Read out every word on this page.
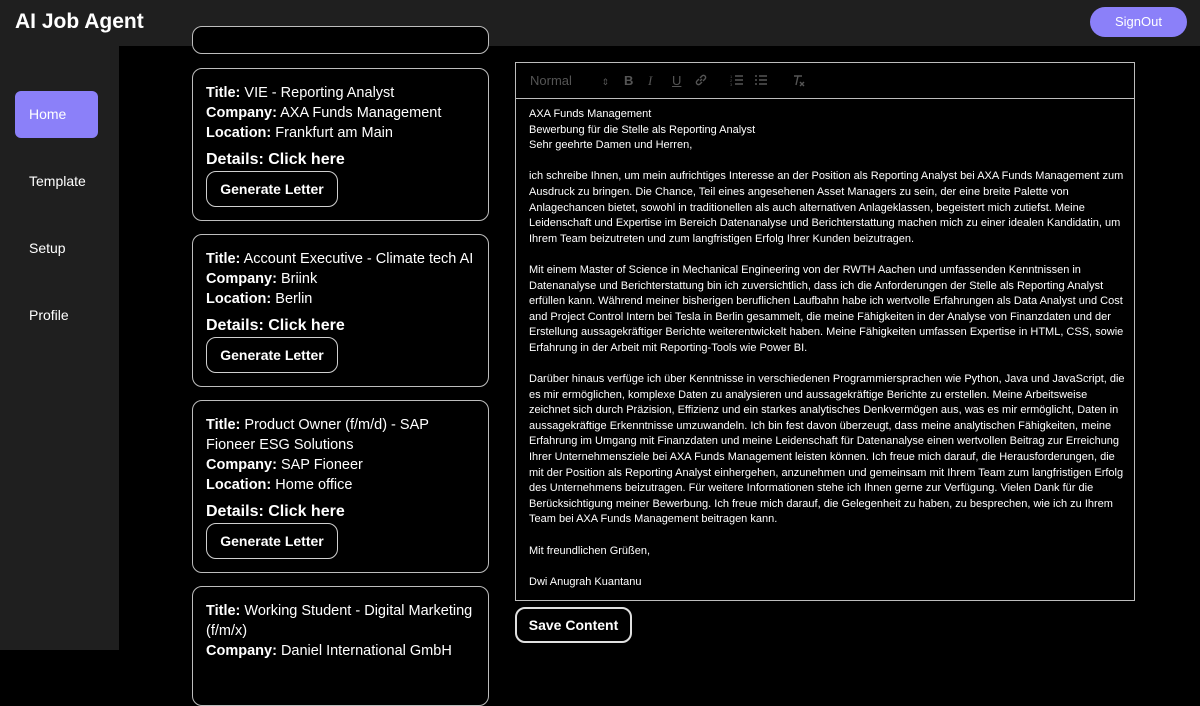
AI Job Agent	SignOut
Home
Template
Setup
Profile
Title: VIE - Reporting Analyst
Company: AXA Funds Management
Location: Frankfurt am Main
Details: Click here
Generate Letter
Title: Account Executive - Climate tech AI
Company: Briink
Location: Berlin
Details: Click here
Generate Letter
Title: Product Owner (f/m/d) - SAP Fioneer ESG Solutions
Company: SAP Fioneer
Location: Home office
Details: Click here
Generate Letter
Title: Working Student - Digital Marketing (f/m/x)
Company: Daniel International GmbH
Normal	⇕ B I U	1
2
3

AXA Funds Management

Bewerbung für die Stelle als Reporting Analyst

Sehr geehrte Damen und Herren,

ich schreibe Ihnen, um mein aufrichtiges Interesse an der Position als Reporting Analyst bei AXA Funds Management zum Ausdruck zu bringen. Die Chance, Teil eines angesehenen Asset Managers zu sein, der eine breite Palette von Anlagechancen bietet, sowohl in traditionellen als auch alternativen Anlageklassen, begeistert mich zutiefst. Meine Leidenschaft und Expertise im Bereich Datenanalyse und Berichterstattung machen mich zu einer idealen Kandidatin, um Ihrem Team beizutreten und zum langfristigen Erfolg Ihrer Kunden beizutragen.

Mit einem Master of Science in Mechanical Engineering von der RWTH Aachen und umfassenden Kenntnissen in Datenanalyse und Berichterstattung bin ich zuversichtlich, dass ich die Anforderungen der Stelle als Reporting Analyst erfüllen kann. Während meiner bisherigen beruflichen Laufbahn habe ich wertvolle Erfahrungen als Data Analyst und Cost and Project Control Intern bei Tesla in Berlin gesammelt, die meine Fähigkeiten in der Analyse von Finanzdaten und der Erstellung aussagekräftiger Berichte weiterentwickelt haben. Meine Fähigkeiten umfassen Expertise in HTML, CSS, sowie Erfahrung in der Arbeit mit Reporting-Tools wie Power BI.

Darüber hinaus verfüge ich über Kenntnisse in verschiedenen Programmiersprachen wie Python, Java und JavaScript, die es mir ermöglichen, komplexe Daten zu analysieren und aussagekräftige Berichte zu erstellen. Meine Arbeitsweise zeichnet sich durch Präzision, Effizienz und ein starkes analytisches Denkvermögen aus, was es mir ermöglicht, Daten in aussagekräftige Erkenntnisse umzuwandeln. Ich bin fest davon überzeugt, dass meine analytischen Fähigkeiten, meine Erfahrung im Umgang mit Finanzdaten und meine Leidenschaft für Datenanalyse einen wertvollen Beitrag zur Erreichung Ihrer Unternehmensziele bei AXA Funds Management leisten können. Ich freue mich darauf, die Herausforderungen, die mit der Position als Reporting Analyst einhergehen, anzunehmen und gemeinsam mit Ihrem Team zum langfristigen Erfolg des Unternehmens beizutragen. Für weitere Informationen stehe ich Ihnen gerne zur Verfügung. Vielen Dank für die Berücksichtigung meiner Bewerbung. Ich freue mich darauf, die Gelegenheit zu haben, zu besprechen, wie ich zu Ihrem Team bei AXA Funds Management beitragen kann.

Mit freundlichen Grüßen,

Dwi Anugrah Kuantanu

Save Content
